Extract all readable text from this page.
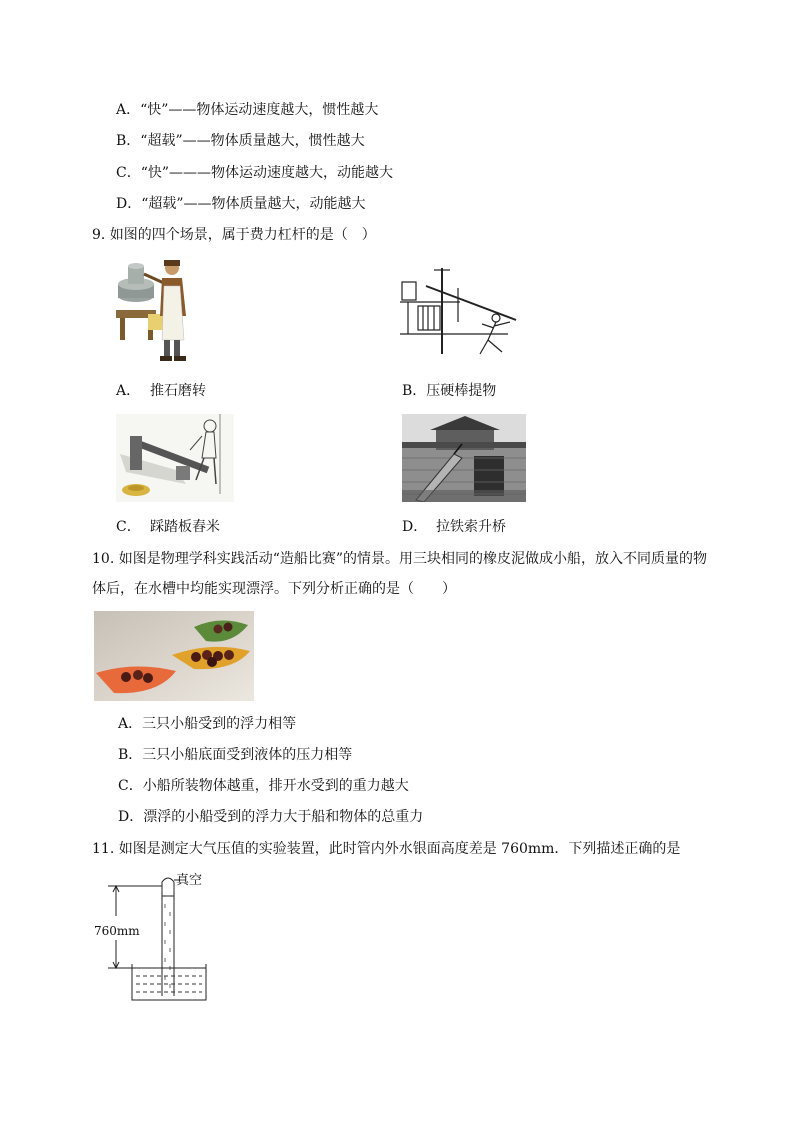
A．“快”——物体运动速度越大，惯性越大
B．“超载”——物体质量越大，惯性越大
C．“快”———物体运动速度越大，动能越大
D．“超载”——物体质量越大，动能越大
9. 如图的四个场景，属于费力杠杆的是（　）
A． 推石磨转	B．压硬棒提物
C． 踩踏板舂米	D． 拉铁索升桥
10. 如图是物理学科实践活动“造船比赛”的情景。用三块相同的橡皮泥做成小船，放入不同质量的物
体后，在水槽中均能实现漂浮。下列分析正确的是（　　）
A．三只小船受到的浮力相等
B．三只小船底面受到液体的压力相等
C．小船所装物体越重，排开水受到的重力越大
D．漂浮的小船受到的浮力大于船和物体的总重力
11. 如图是测定大气压值的实验装置，此时管内外水银面高度差是 760mm．下列描述正确的是
真空
760mm
